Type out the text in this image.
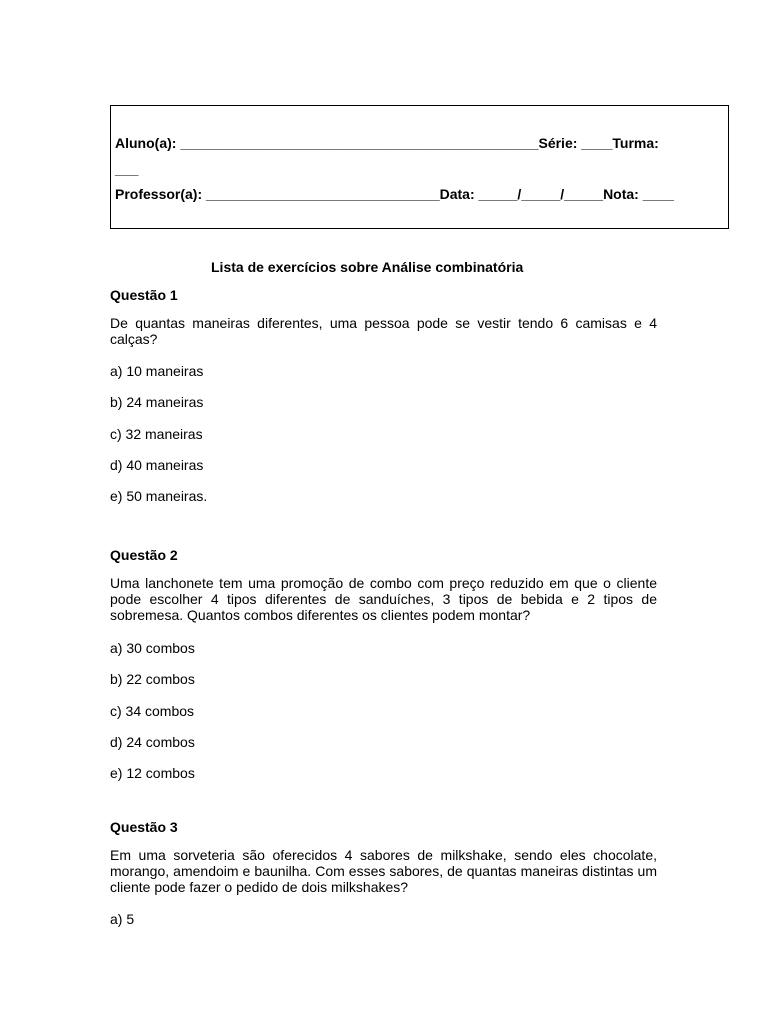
Aluno(a): ______________________________________________Série: ____Turma:
___
Professor(a): ______________________________Data: _____/_____/_____Nota: ____
Lista de exercícios sobre Análise combinatória
Questão 1
De quantas maneiras diferentes, uma pessoa pode se vestir tendo 6 camisas e 4 calças?
a) 10 maneiras
b) 24 maneiras
c) 32 maneiras
d) 40 maneiras
e) 50 maneiras.
Questão 2
Uma lanchonete tem uma promoção de combo com preço reduzido em que o cliente pode escolher 4 tipos diferentes de sanduíches, 3 tipos de bebida e 2 tipos de sobremesa. Quantos combos diferentes os clientes podem montar?
a) 30 combos
b) 22 combos
c) 34 combos
d) 24 combos
e) 12 combos
Questão 3
Em uma sorveteria são oferecidos 4 sabores de milkshake, sendo eles chocolate, morango, amendoim e baunilha. Com esses sabores, de quantas maneiras distintas um cliente pode fazer o pedido de dois milkshakes?
a) 5
